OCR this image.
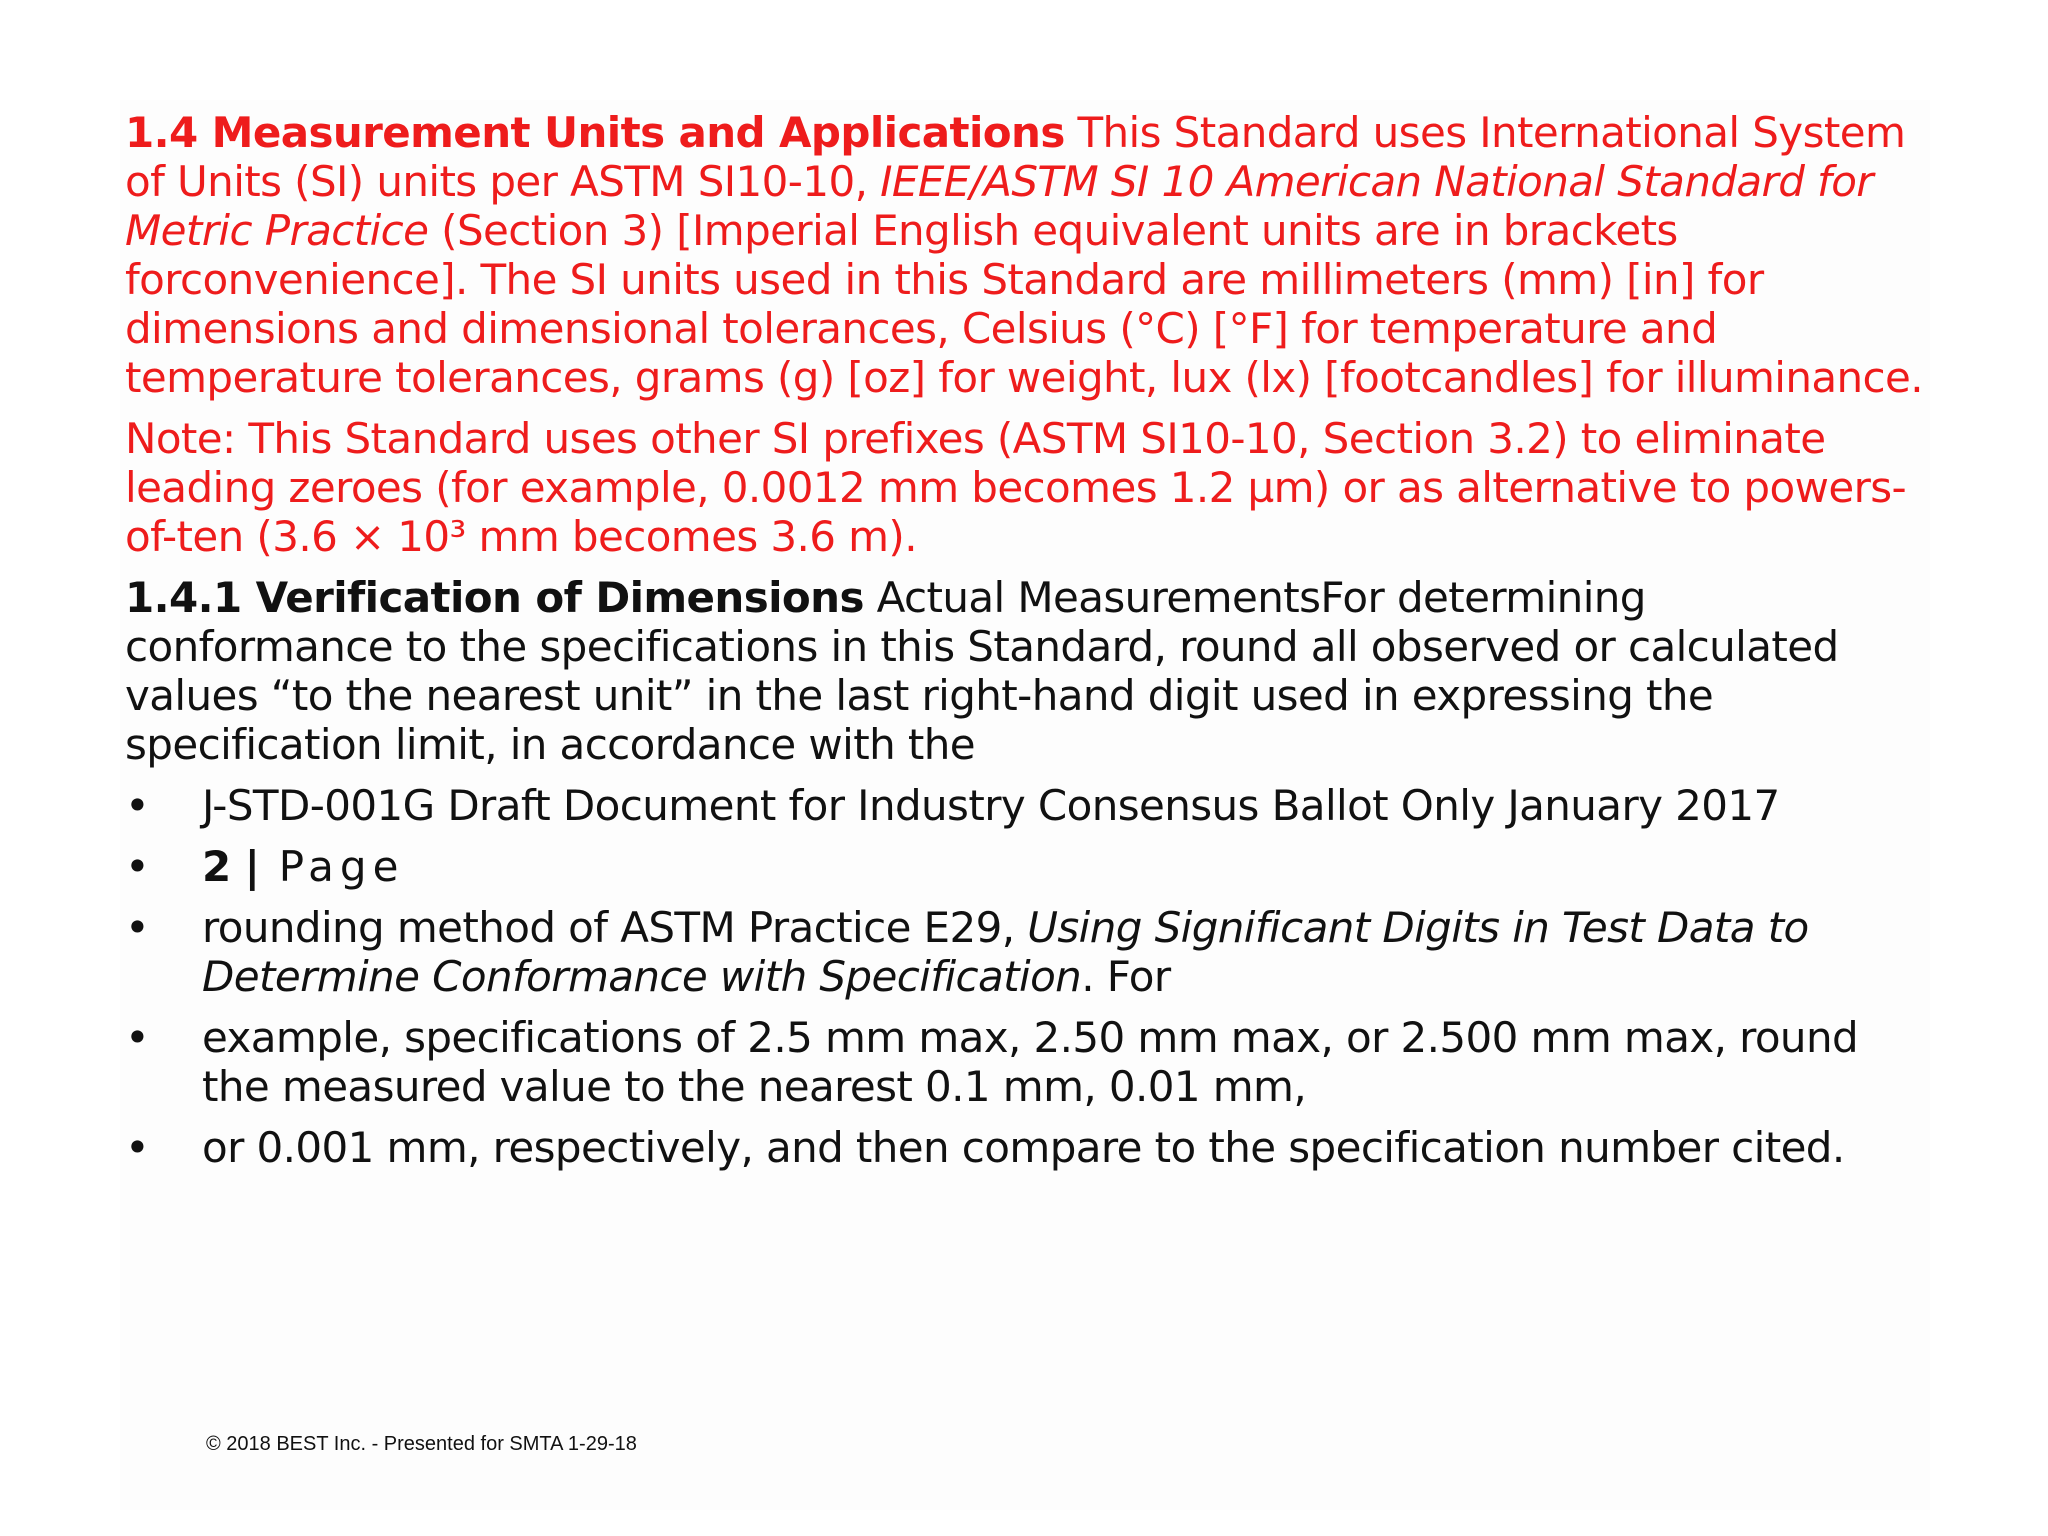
1.4 Measurement Units and Applications This Standard uses International System of Units (SI) units per ASTM SI10-10, IEEE/ASTM SI 10 American National Standard for Metric Practice (Section 3) [Imperial English equivalent units are in brackets forconvenience]. The SI units used in this Standard are millimeters (mm) [in] for dimensions and dimensional tolerances, Celsius (°C) [°F] for temperature and temperature tolerances, grams (g) [oz] for weight, lux (lx) [footcandles] for illuminance.

Note: This Standard uses other SI prefixes (ASTM SI10-10, Section 3.2) to eliminate leading zeroes (for example, 0.0012 mm becomes 1.2 µm) or as alternative to powers-of-ten (3.6 × 10³ mm becomes 3.6 m).

1.4.1 Verification of Dimensions Actual MeasurementsFor determining conformance to the specifications in this Standard, round all observed or calculated values “to the nearest unit” in the last right-hand digit used in expressing the specification limit, in accordance with the

• J-STD-001G Draft Document for Industry Consensus Ballot Only January 2017
• 2 | Page
• rounding method of ASTM Practice E29, Using Significant Digits in Test Data to Determine Conformance with Specification. For
• example, specifications of 2.5 mm max, 2.50 mm max, or 2.500 mm max, round the measured value to the nearest 0.1 mm, 0.01 mm,
• or 0.001 mm, respectively, and then compare to the specification number cited.
© 2018 BEST Inc. - Presented for SMTA 1-29-18
